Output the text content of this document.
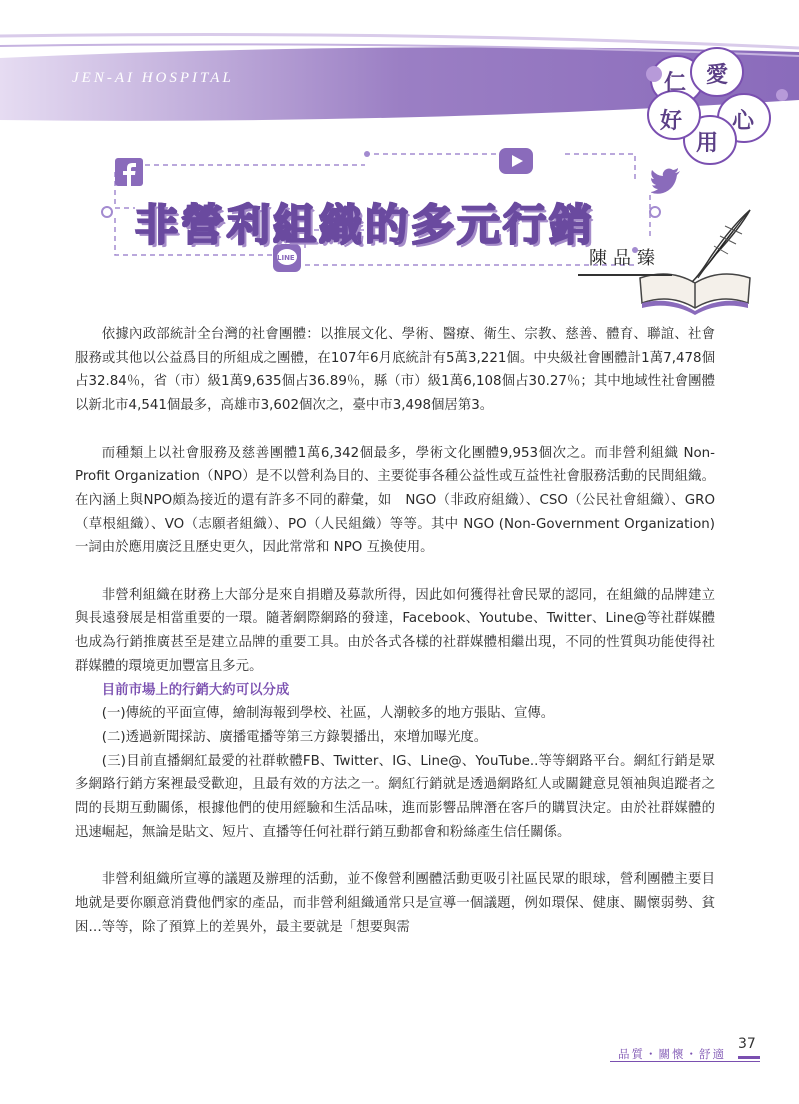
JEN-AI HOSPITAL	仁 愛
好
用
心
LINE
非營利組織的多元行銷
陳品臻

依據內政部統計全台灣的社會團體：以推展文化、學術、醫療、衛生、宗教、慈善、體育、聯誼、社會服務或其他以公益爲目的所組成之團體，在107年6月底統計有5萬3,221個。中央級社會團體計1萬7,478個占32.84％，省（市）級1萬9,635個占36.89％，縣（市）級1萬6,108個占30.27％；其中地域性社會團體以新北市4,541個最多，高雄市3,602個次之，臺中市3,498個居第3。

而種類上以社會服務及慈善團體1萬6,342個最多，學術文化團體9,953個次之。而非營利組織 Non-Profit Organization（NPO）是不以營利為目的、主要從事各種公益性或互益性社會服務活動的民間組織。在內涵上與NPO頗為接近的還有許多不同的辭彙，如　NGO（非政府組織）、CSO（公民社會組織）、GRO（草根組織）、VO（志願者組織）、PO（人民組織）等等。其中 NGO (Non-Government Organization) 一詞由於應用廣泛且歷史更久，因此常常和 NPO 互換使用。

非營利組織在財務上大部分是來自捐贈及募款所得，因此如何獲得社會民眾的認同，在組織的品牌建立與長遠發展是相當重要的一環。隨著網際網路的發達，Facebook、Youtube、Twitter、Line@等社群媒體也成為行銷推廣甚至是建立品牌的重要工具。由於各式各樣的社群媒體相繼出現，不同的性質與功能使得社群媒體的環境更加豐富且多元。

目前市場上的行銷大約可以分成

(一)傳統的平面宣傳，繪制海報到學校、社區，人潮較多的地方張貼、宣傳。

(二)透過新聞採訪、廣播電播等第三方錄製播出，來增加曝光度。

(三)目前直播網紅最愛的社群軟體FB、Twitter、IG、Line@、YouTube..等等網路平台。網紅行銷是眾多網路行銷方案裡最受歡迎，且最有效的方法之一。網紅行銷就是透過網路紅人或關鍵意見領袖與追蹤者之問的長期互動關係，根據他們的使用經驗和生活品味，進而影響品牌潛在客戶的購買決定。由於社群媒體的迅速崛起，無論是貼文、短片、直播等任何社群行銷互動都會和粉絲產生信任關係。

非營利組織所宣導的議題及辦理的活動，並不像營利團體活動更吸引社區民眾的眼球，營利團體主要目地就是要你願意消費他們家的產品，而非營利組織通常只是宣導一個議題，例如環保、健康、關懷弱勢、貧困…等等，除了預算上的差異外，最主要就是「想要與需

品質・關懷・舒適
37
